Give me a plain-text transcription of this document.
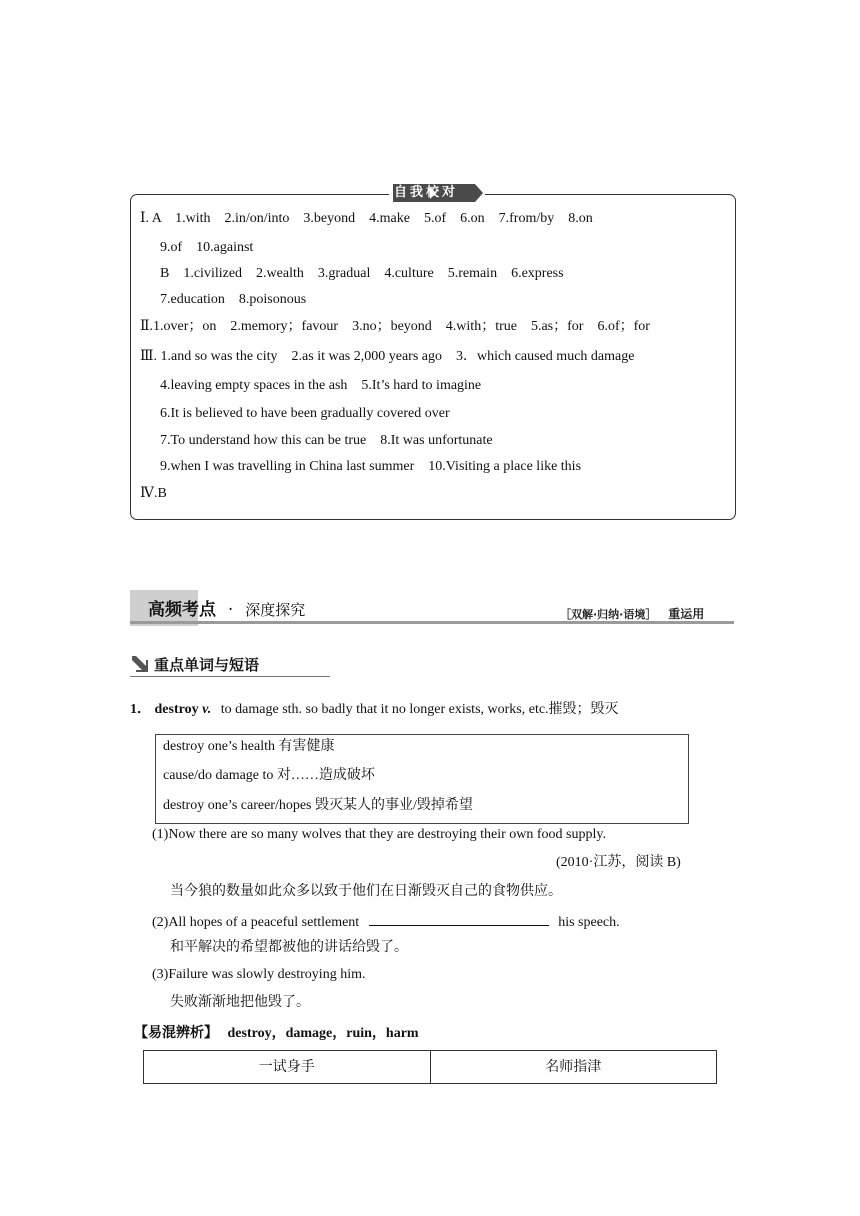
自我校对
Ⅰ. A　1.with　2.in/on/into　3.beyond　4.make　5.of　6.on　7.from/by　8.on
9.of　10.against
B　1.civilized　2.wealth　3.gradual　4.culture　5.remain　6.express
7.education　8.poisonous
Ⅱ.1.over；on　2.memory；favour　3.no；beyond　4.with；true　5.as；for　6.of；for
Ⅲ. 1.and so was the city　2.as it was 2,000 years ago　3．which caused much damage
4.leaving empty spaces in the ash　5.It’s hard to imagine
6.It is believed to have been gradually covered over
7.To understand how this can be true　8.It was unfortunate
9.when I was travelling in China last summer　10.Visiting a place like this
Ⅳ.B
高频考点 · 深度探究	［双解·归纳·语境］ 重运用
重点单词与短语
1． destroy v. to damage sth. so badly that it no longer exists, works, etc.摧毁；毁灭
destroy one’s health 有害健康
cause/do damage to 对……造成破坏
destroy one’s career/hopes 毁灭某人的事业/毁掉希望
(1)Now there are so many wolves that they are destroying their own food supply.
(2010·江苏，阅读 B)
当今狼的数量如此众多以致于他们在日渐毁灭自己的食物供应。
(2)All hopes of a peaceful settlement	his speech.
和平解决的希望都被他的讲话给毁了。
(3)Failure was slowly destroying him.
失败渐渐地把他毁了。
【易混辨析】 destroy，damage，ruin，harm
一试身手	名师指津
